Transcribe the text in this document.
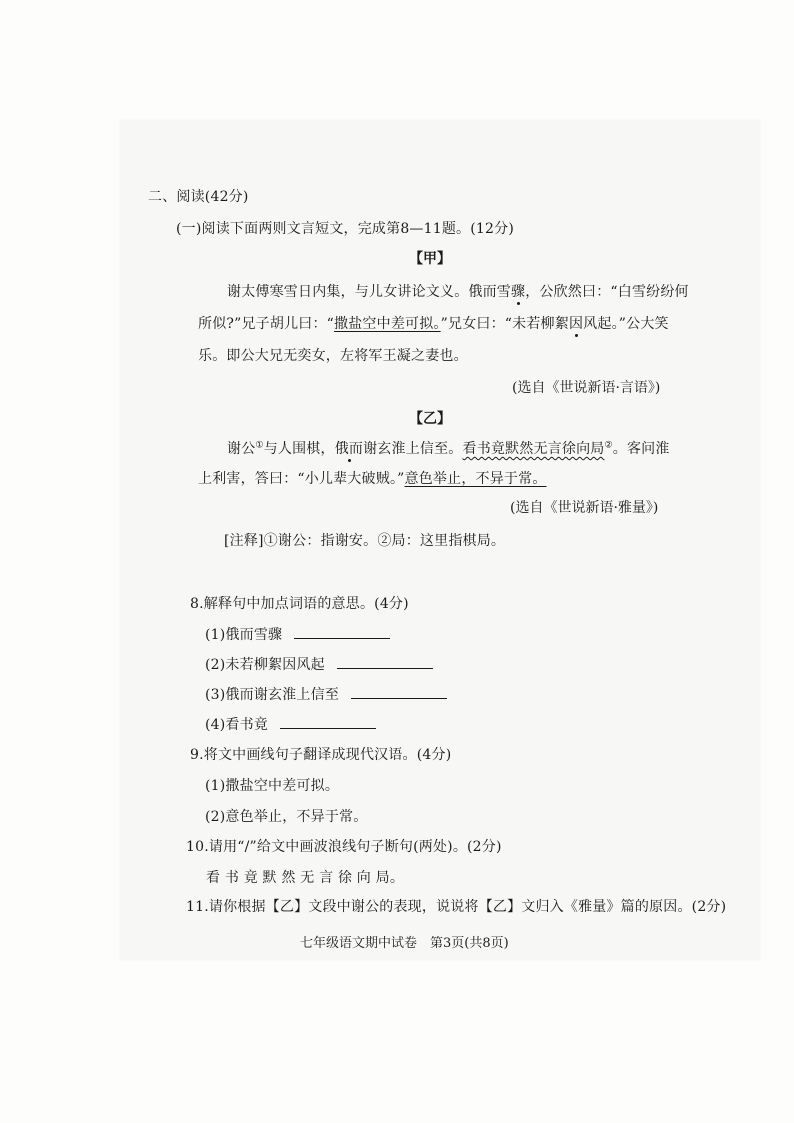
二、阅读(42分)
(一)阅读下面两则文言短文，完成第8—11题。(12分)
【甲】
谢太傅寒雪日内集，与儿女讲论文义。俄而雪骤，公欣然曰：“白雪纷纷何
所似?”兄子胡儿曰：“撒盐空中差可拟。”兄女曰：“未若柳絮因风起。”公大笑
乐。即公大兄无奕女，左将军王凝之妻也。
(选自《世说新语·言语》)
【乙】
谢公①与人围棋，俄而谢玄淮上信至。看书竟默然无言徐向局②。客问淮
上利害，答曰：“小儿辈大破贼。”意色举止，不异于常。
(选自《世说新语·雅量》)
[注释]①谢公：指谢安。②局：这里指棋局。
8.解释句中加点词语的意思。(4分)
(1)俄而雪骤
(2)未若柳絮因风起
(3)俄而谢玄淮上信至
(4)看书竟
9.将文中画线句子翻译成现代汉语。(4分)
(1)撒盐空中差可拟。
(2)意色举止，不异于常。
10.请用“/”给文中画波浪线句子断句(两处)。(2分)
看 书 竟 默 然 无 言 徐 向 局。
11.请你根据【乙】文段中谢公的表现，说说将【乙】文归入《雅量》篇的原因。(2分)
七年级语文期中试卷　第3页(共8页)
